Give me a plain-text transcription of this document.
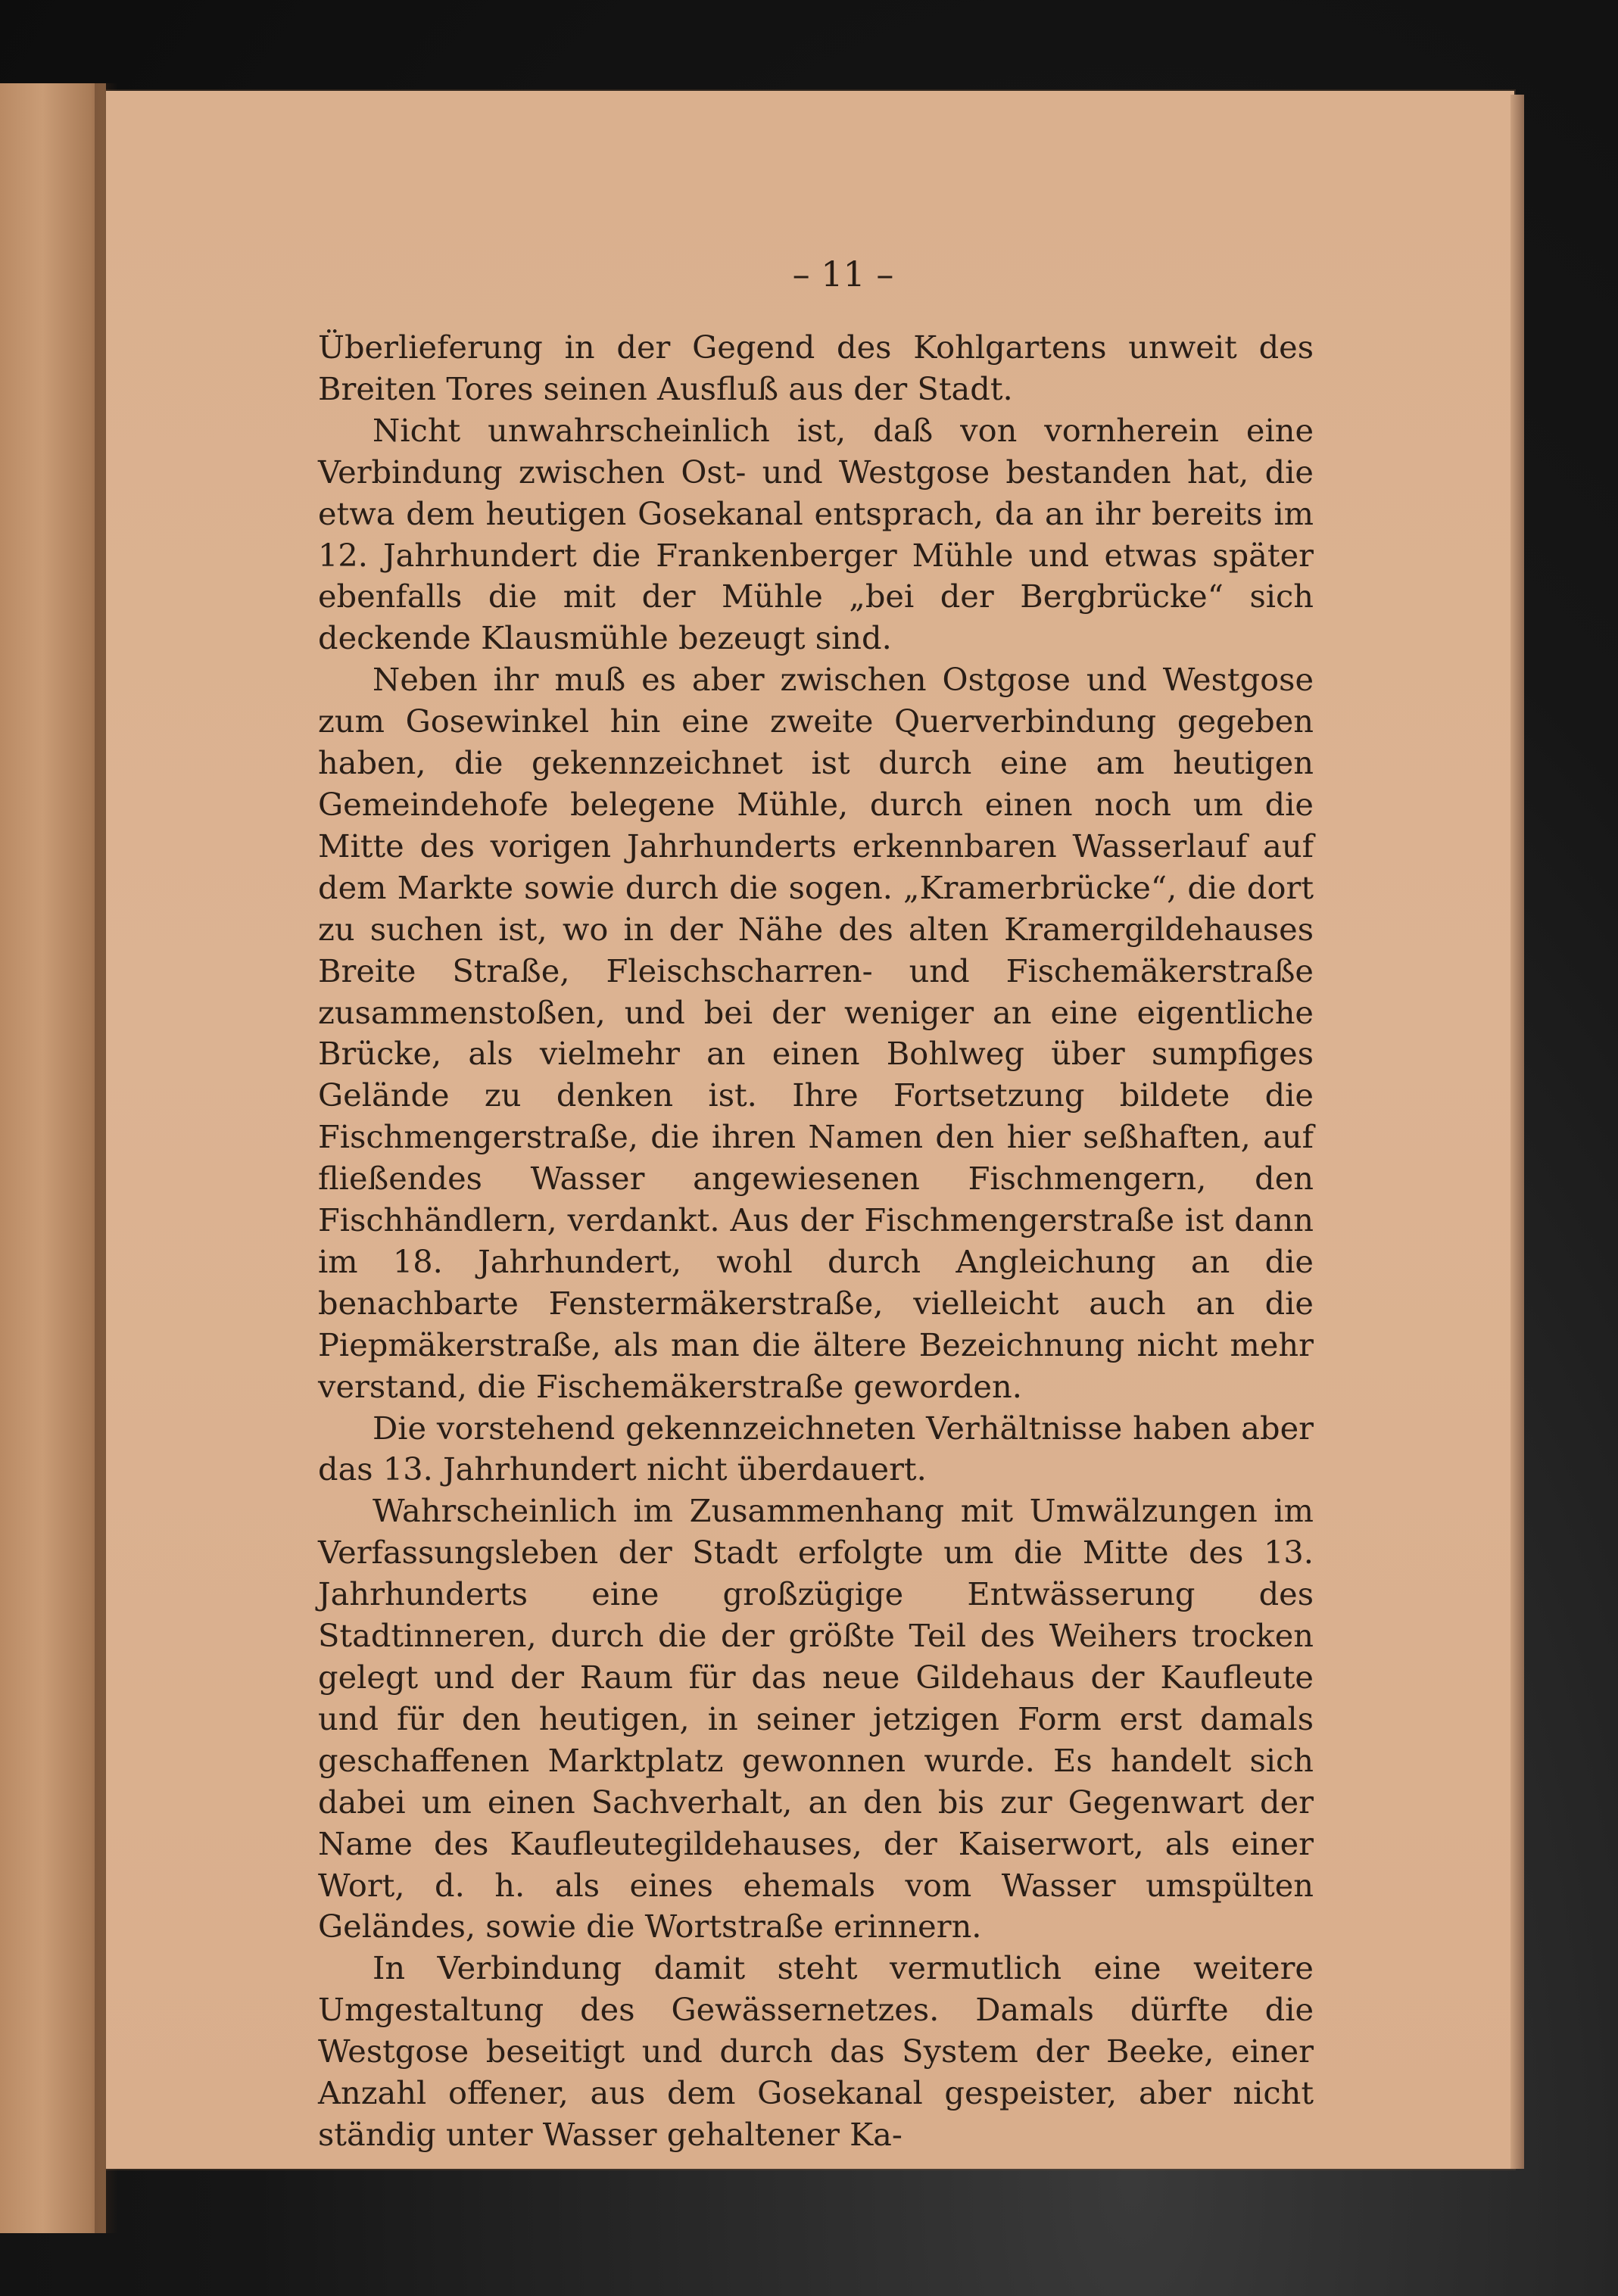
– 11 –

Überlieferung in der Gegend des Kohlgartens unweit des Breiten Tores seinen Ausfluß aus der Stadt.

Nicht unwahrscheinlich ist, daß von vornherein eine Verbindung zwischen Ost- und Westgose bestanden hat, die etwa dem heutigen Gosekanal entsprach, da an ihr bereits im 12. Jahrhundert die Frankenberger Mühle und etwas später ebenfalls die mit der Mühle „bei der Bergbrücke“ sich deckende Klausmühle bezeugt sind.

Neben ihr muß es aber zwischen Ostgose und Westgose zum Gosewinkel hin eine zweite Querverbindung gegeben haben, die gekennzeichnet ist durch eine am heutigen Gemeindehofe belegene Mühle, durch einen noch um die Mitte des vorigen Jahrhunderts erkennbaren Wasserlauf auf dem Markte sowie durch die sogen. „Kramerbrücke“, die dort zu suchen ist, wo in der Nähe des alten Kramergildehauses Breite Straße, Fleischscharren- und Fischemäkerstraße zusammenstoßen, und bei der weniger an eine eigentliche Brücke, als vielmehr an einen Bohlweg über sumpfiges Gelände zu denken ist. Ihre Fortsetzung bildete die Fischmengerstraße, die ihren Namen den hier seßhaften, auf fließendes Wasser angewiesenen Fischmengern, den Fischhändlern, verdankt. Aus der Fischmengerstraße ist dann im 18. Jahrhundert, wohl durch Angleichung an die benachbarte Fenstermäkerstraße, vielleicht auch an die Piepmäkerstraße, als man die ältere Bezeichnung nicht mehr verstand, die Fischemäkerstraße geworden.

Die vorstehend gekennzeichneten Verhältnisse haben aber das 13. Jahrhundert nicht überdauert.

Wahrscheinlich im Zusammenhang mit Umwälzungen im Verfassungsleben der Stadt erfolgte um die Mitte des 13. Jahrhunderts eine großzügige Entwässerung des Stadtinneren, durch die der größte Teil des Weihers trocken gelegt und der Raum für das neue Gildehaus der Kaufleute und für den heutigen, in seiner jetzigen Form erst damals geschaffenen Marktplatz gewonnen wurde. Es handelt sich dabei um einen Sachverhalt, an den bis zur Gegenwart der Name des Kaufleutegildehauses, der Kaiserwort, als einer Wort, d. h. als eines ehemals vom Wasser umspülten Geländes, sowie die Wortstraße erinnern.

In Verbindung damit steht vermutlich eine weitere Umgestaltung des Gewässernetzes. Damals dürfte die Westgose beseitigt und durch das System der Beeke, einer Anzahl offener, aus dem Gosekanal gespeister, aber nicht ständig unter Wasser gehaltener Ka-
